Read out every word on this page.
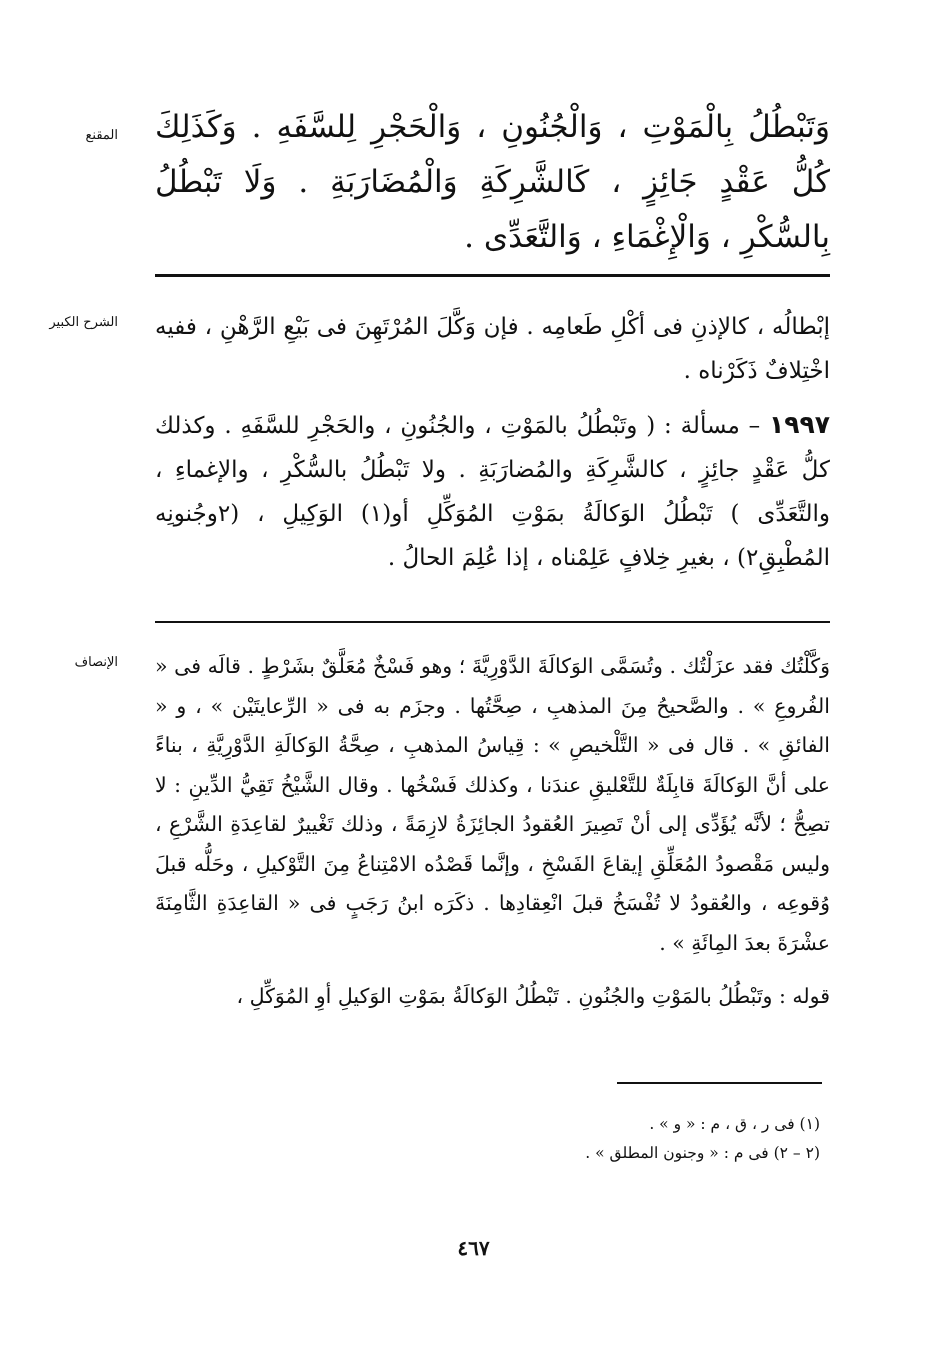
المقنع وَتَبْطُلُ بِالْمَوْتِ ، وَالْجُنُونِ ، وَالْحَجْرِ لِلسَّفَهِ . وَكَذَلِكَ كُلُّ عَقْدٍ جَائِزٍ ، كَالشَّرِكَةِ وَالْمُضَارَبَةِ . وَلَا تَبْطُلُ بِالسُّكْرِ ، وَالْإِغْمَاءِ ، وَالتَّعَدِّى .

الشرح الكبير إبْطالُه ، كالإذنِ فى أكْلِ طَعامِه . فإن وَكَّلَ المُرْتَهِنَ فى بَيْعِ الرَّهْنِ ، ففيه اخْتِلافٌ ذَكَرْناه .

١٩٩٧ – مسألة : ( وتَبْطُلُ بالمَوْتِ ، والجُنُونِ ، والحَجْرِ للسَّفَهِ . وكذلك كلُّ عَقْدٍ جائِزٍ ، كالشَّرِكَةِ والمُضارَبَةِ . ولا تَبْطُلُ بالسُّكْرِ ، والإغماءِ ، والتَّعَدِّى ) تَبْطُلُ الوَكالَةُ بمَوْتِ المُوَكِّلِ أو(١) الوَكِيلِ ، (٢وجُنونِه المُطْبِقِ٢) ، بغيرِ خِلافٍ عَلِمْناه ، إذا عُلِمَ الحالُ .

الإنصاف وَكَّلْتُك فقد عزَلْتُك . وتُسَمَّى الوَكالَةَ الدَّوْرِيَّةَ ؛ وهو فَسْخٌ مُعَلَّقٌ بشَرْطٍ . قالَه فى « الفُروعِ » . والصَّحيحُ مِنَ المذهبِ ، صِحَّتُها . وجزَم به فى « الرِّعايتَيْن » ، و « الفائقِ » . قال فى « التَّلْخيصِ » : قِياسُ المذهبِ ، صِحَّةُ الوَكالَةِ الدَّوْرِيَّةِ ، بناءً على أنَّ الوَكالَةَ قابِلَةٌ للتَّعْليقِ عندَنا ، وكذلك فَسْخُها . وقال الشَّيْخُ تَقِيُّ الدِّينِ : لا تصِحُّ ؛ لأنَّه يُؤَدِّى إلى أنْ تَصِيرَ العُقودُ الجائِزَةُ لازِمَةً ، وذلك تَغْييرٌ لقاعِدَةِ الشَّرْعِ ، وليس مَقْصودُ المُعَلِّقِ إيقاعَ الفَسْخِ ، وإنَّما قَصْدُه الامْتِناعُ مِنَ التَّوْكيلِ ، وحَلُّه قبلَ وُقوعِه ، والعُقودُ لا تُفْسَخُ قبلَ انْعِقادِها . ذكَرَه ابنُ رَجَبٍ فى « القاعِدَةِ الثَّامِنَةَ عشْرَةَ بعدَ المِائَةِ » .

قوله : وتَبْطُلُ بالمَوْتِ والجُنُونِ . تَبْطُلُ الوَكالَةُ بمَوْتِ الوَكيلِ أوِ المُوَكِّلِ ،

(١) فى ر ، ق ، م : « و » .
(٢ – ٢) فى م : « وجنون المطلق » .
٤٦٧
